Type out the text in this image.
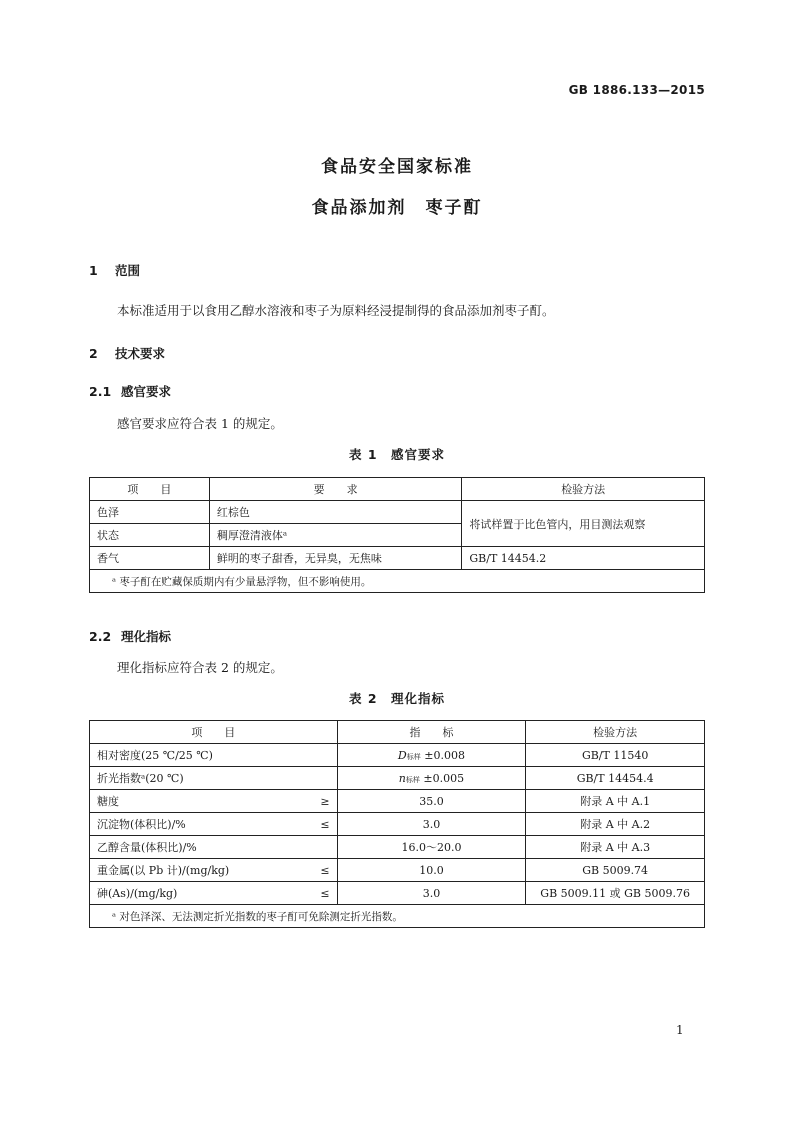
GB 1886.133—2015
食品安全国家标准
食品添加剂　枣子酊
1 范围
本标准适用于以食用乙醇水溶液和枣子为原料经浸提制得的食品添加剂枣子酊。
2 技术要求
2.1 感官要求
感官要求应符合表 1 的规定。
表 1　感官要求
项　　目	要　　求	检验方法
色泽	红棕色	将试样置于比色管内，用目测法观察
状态	稠厚澄清液体ᵃ	
香气	鲜明的枣子甜香，无异臭，无焦味	GB/T 14454.2
ᵃ 枣子酊在贮藏保质期内有少量悬浮物，但不影响使用。		
2.2 理化指标
理化指标应符合表 2 的规定。
表 2　理化指标
项　　目		指　　标	检验方法
相对密度(25 ℃/25 ℃)		D标样 ±0.008	GB/T 11540
折光指数ᵃ(20 ℃)		n标样 ±0.005	GB/T 14454.4
糖度	≥	35.0	附录 A 中 A.1
沉淀物(体积比)/%	≤	3.0	附录 A 中 A.2
乙醇含量(体积比)/%		16.0～20.0	附录 A 中 A.3
重金属(以 Pb 计)/(mg/kg)	≤	10.0	GB 5009.74
砷(As)/(mg/kg)	≤	3.0	GB 5009.11 或 GB 5009.76
ᵃ 对色泽深、无法测定折光指数的枣子酊可免除测定折光指数。			
1
